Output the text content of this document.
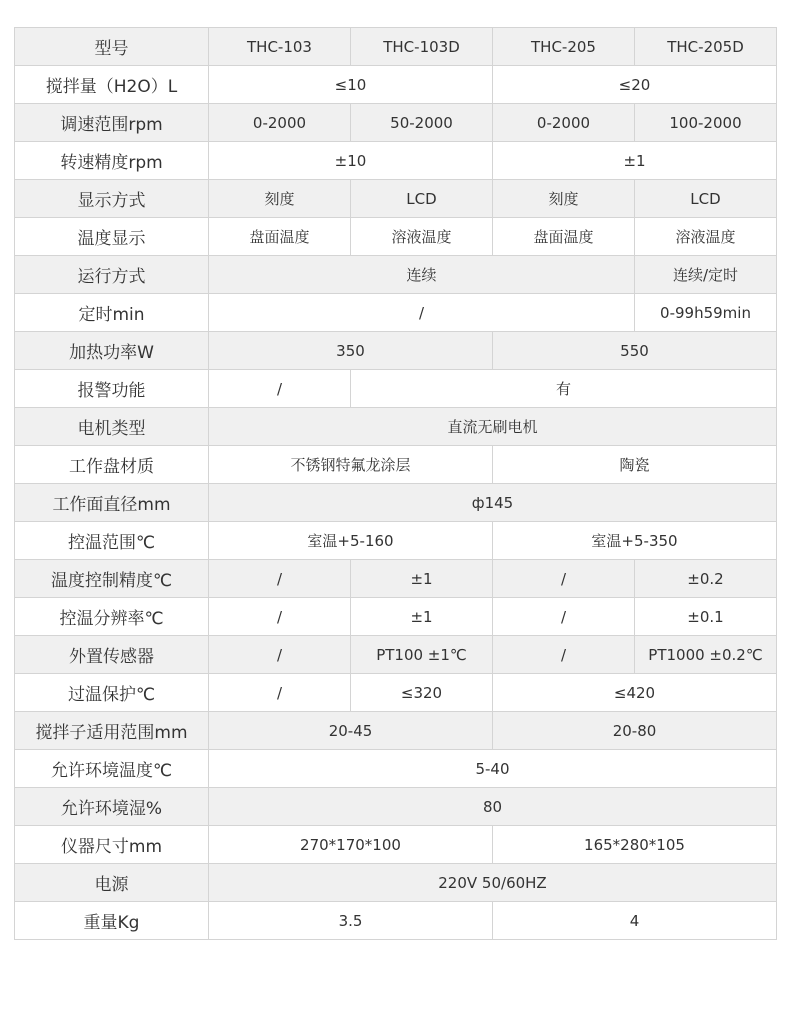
型号	THC-103	THC-103D	THC-205	THC-205D
搅拌量（H2O）L	≤10		≤20	
调速范围rpm	0-2000	50-2000	0-2000	100-2000
转速精度rpm	±10		±1	
显示方式	刻度	LCD	刻度	LCD
温度显示	盘面温度	溶液温度	盘面温度	溶液温度
运行方式	连续			连续/定时
定时min	/			0-99h59min
加热功率W	350		550	
报警功能	/	有		
电机类型	直流无刷电机			
工作盘材质	不锈钢特氟龙涂层		陶瓷	
工作面直径mm	ф145			
控温范围℃	室温+5-160		室温+5-350	
温度控制精度℃	/	±1	/	±0.2
控温分辨率℃	/	±1	/	±0.1
外置传感器	/	PT100 ±1℃	/	PT1000 ±0.2℃
过温保护℃	/	≤320	≤420	
搅拌子适用范围mm	20-45		20-80	
允许环境温度℃	5-40			
允许环境湿%	80			
仪器尺寸mm	270*170*100		165*280*105	
电源	220V 50/60HZ			
重量Kg	3.5		4	
